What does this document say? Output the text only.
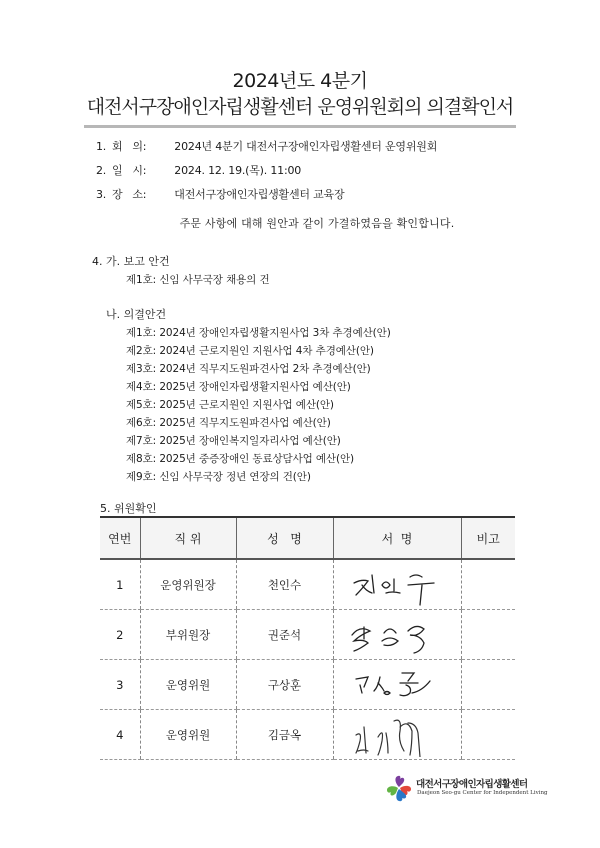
2024년도 4분기
대전서구장애인자립생활센터 운영위원회의 의결확인서
1. 회   의:	2024년 4분기 대전서구장애인자립생활센터 운영위원회
2. 일   시:	2024. 12. 19.(목). 11:00
3. 장   소:	대전서구장애인자립생활센터 교육장
주문 사항에 대해 원안과 같이 가결하였음을 확인합니다.
4. 가. 보고 안건
제1호: 신임 사무국장 채용의 건
나. 의결안건
제1호: 2024년 장애인자립생활지원사업 3차 추경예산(안)
제2호: 2024년 근로지원인 지원사업 4차 추경예산(안)
제3호: 2024년 직무지도원파견사업 2차 추경예산(안)
제4호: 2025년 장애인자립생활지원사업 예산(안)
제5호: 2025년 근로지원인 지원사업 예산(안)
제6호: 2025년 직무지도원파견사업 예산(안)
제7호: 2025년 장애인복지일자리사업 예산(안)
제8호: 2025년 중증장애인 동료상담사업 예산(안)
제9호: 신임 사무국장 정년 연장의 건(안)
5. 위원확인
연번	직 위	성   명	서  명	비고
1	운영위원장	천인수	

2	부위원장	권준석	

3	운영위원	구상훈	

4	운영위원	김금옥	

대전서구장애인자립생활센터
Daejeon Seo-gu Center for Independent Living
